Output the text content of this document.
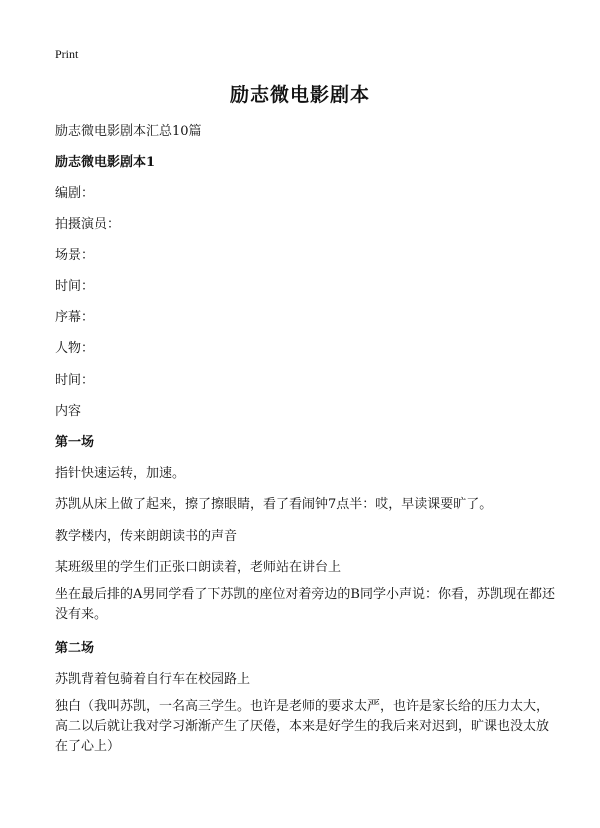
Print
励志微电影剧本
励志微电影剧本汇总10篇
励志微电影剧本1
编剧：
拍摄演员：
场景：
时间：
序幕：
人物：
时间：
内容
第一场
指针快速运转，加速。
苏凯从床上做了起来，擦了擦眼睛，看了看闹钟7点半：哎，早读课要旷了。
教学楼内，传来朗朗读书的声音
某班级里的学生们正张口朗读着，老师站在讲台上
坐在最后排的A男同学看了下苏凯的座位对着旁边的B同学小声说：你看，苏凯现在都还没有来。
第二场
苏凯背着包骑着自行车在校园路上
独白（我叫苏凯，一名高三学生。也许是老师的要求太严，也许是家长给的压力太大，高二以后就让我对学习渐渐产生了厌倦，本来是好学生的我后来对迟到，旷课也没太放在了心上）
